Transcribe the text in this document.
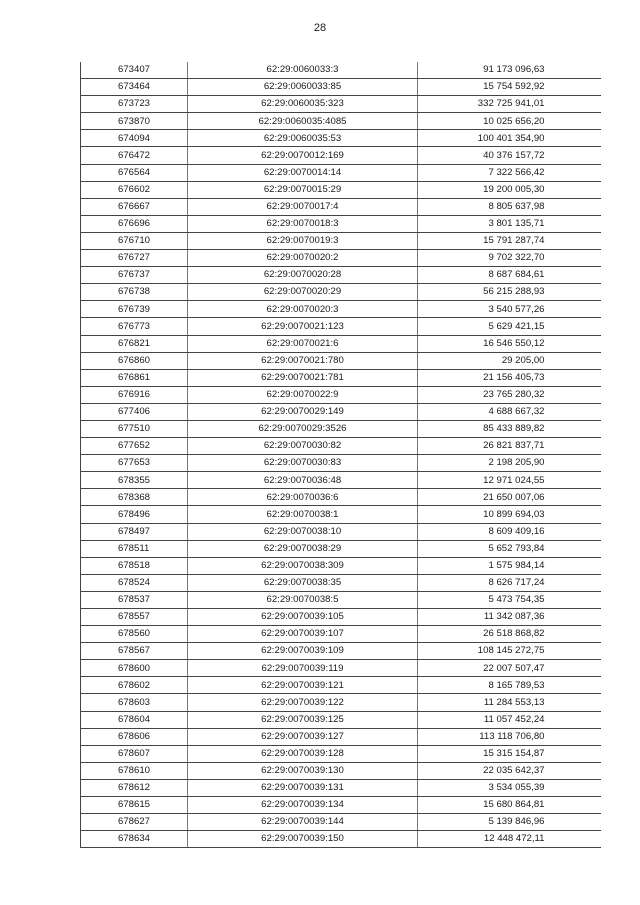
28
673407	62:29:0060033:3	91 173 096,63
673464	62:29:0060033:85	15 754 592,92
673723	62:29:0060035:323	332 725 941,01
673870	62:29:0060035:4085	10 025 656,20
674094	62:29:0060035:53	100 401 354,90
676472	62:29:0070012:169	40 376 157,72
676564	62:29:0070014:14	7 322 566,42
676602	62:29:0070015:29	19 200 005,30
676667	62:29:0070017:4	8 805 637,98
676696	62:29:0070018:3	3 801 135,71
676710	62:29:0070019:3	15 791 287,74
676727	62:29:0070020:2	9 702 322,70
676737	62:29:0070020:28	8 687 684,61
676738	62:29:0070020:29	56 215 288,93
676739	62:29:0070020:3	3 540 577,26
676773	62:29:0070021:123	5 629 421,15
676821	62:29:0070021:6	16 546 550,12
676860	62:29:0070021:780	29 205,00
676861	62:29:0070021:781	21 156 405,73
676916	62:29:0070022:9	23 765 280,32
677406	62:29:0070029:149	4 688 667,32
677510	62:29:0070029:3526	85 433 889,82
677652	62:29:0070030:82	26 821 837,71
677653	62:29:0070030:83	2 198 205,90
678355	62:29:0070036:48	12 971 024,55
678368	62:29:0070036:6	21 650 007,06
678496	62:29:0070038:1	10 899 694,03
678497	62:29:0070038:10	8 609 409,16
678511	62:29:0070038:29	5 652 793,84
678518	62:29:0070038:309	1 575 984,14
678524	62:29:0070038:35	8 626 717,24
678537	62:29:0070038:5	5 473 754,35
678557	62:29:0070039:105	11 342 087,36
678560	62:29:0070039:107	26 518 868,82
678567	62:29:0070039:109	108 145 272,75
678600	62:29:0070039:119	22 007 507,47
678602	62:29:0070039:121	8 165 789,53
678603	62:29:0070039:122	11 284 553,13
678604	62:29:0070039:125	11 057 452,24
678606	62:29:0070039:127	113 118 706,80
678607	62:29:0070039:128	15 315 154,87
678610	62:29:0070039:130	22 035 642,37
678612	62:29:0070039:131	3 534 055,39
678615	62:29:0070039:134	15 680 864,81
678627	62:29:0070039:144	5 139 846,96
678634	62:29:0070039:150	12 448 472,11
